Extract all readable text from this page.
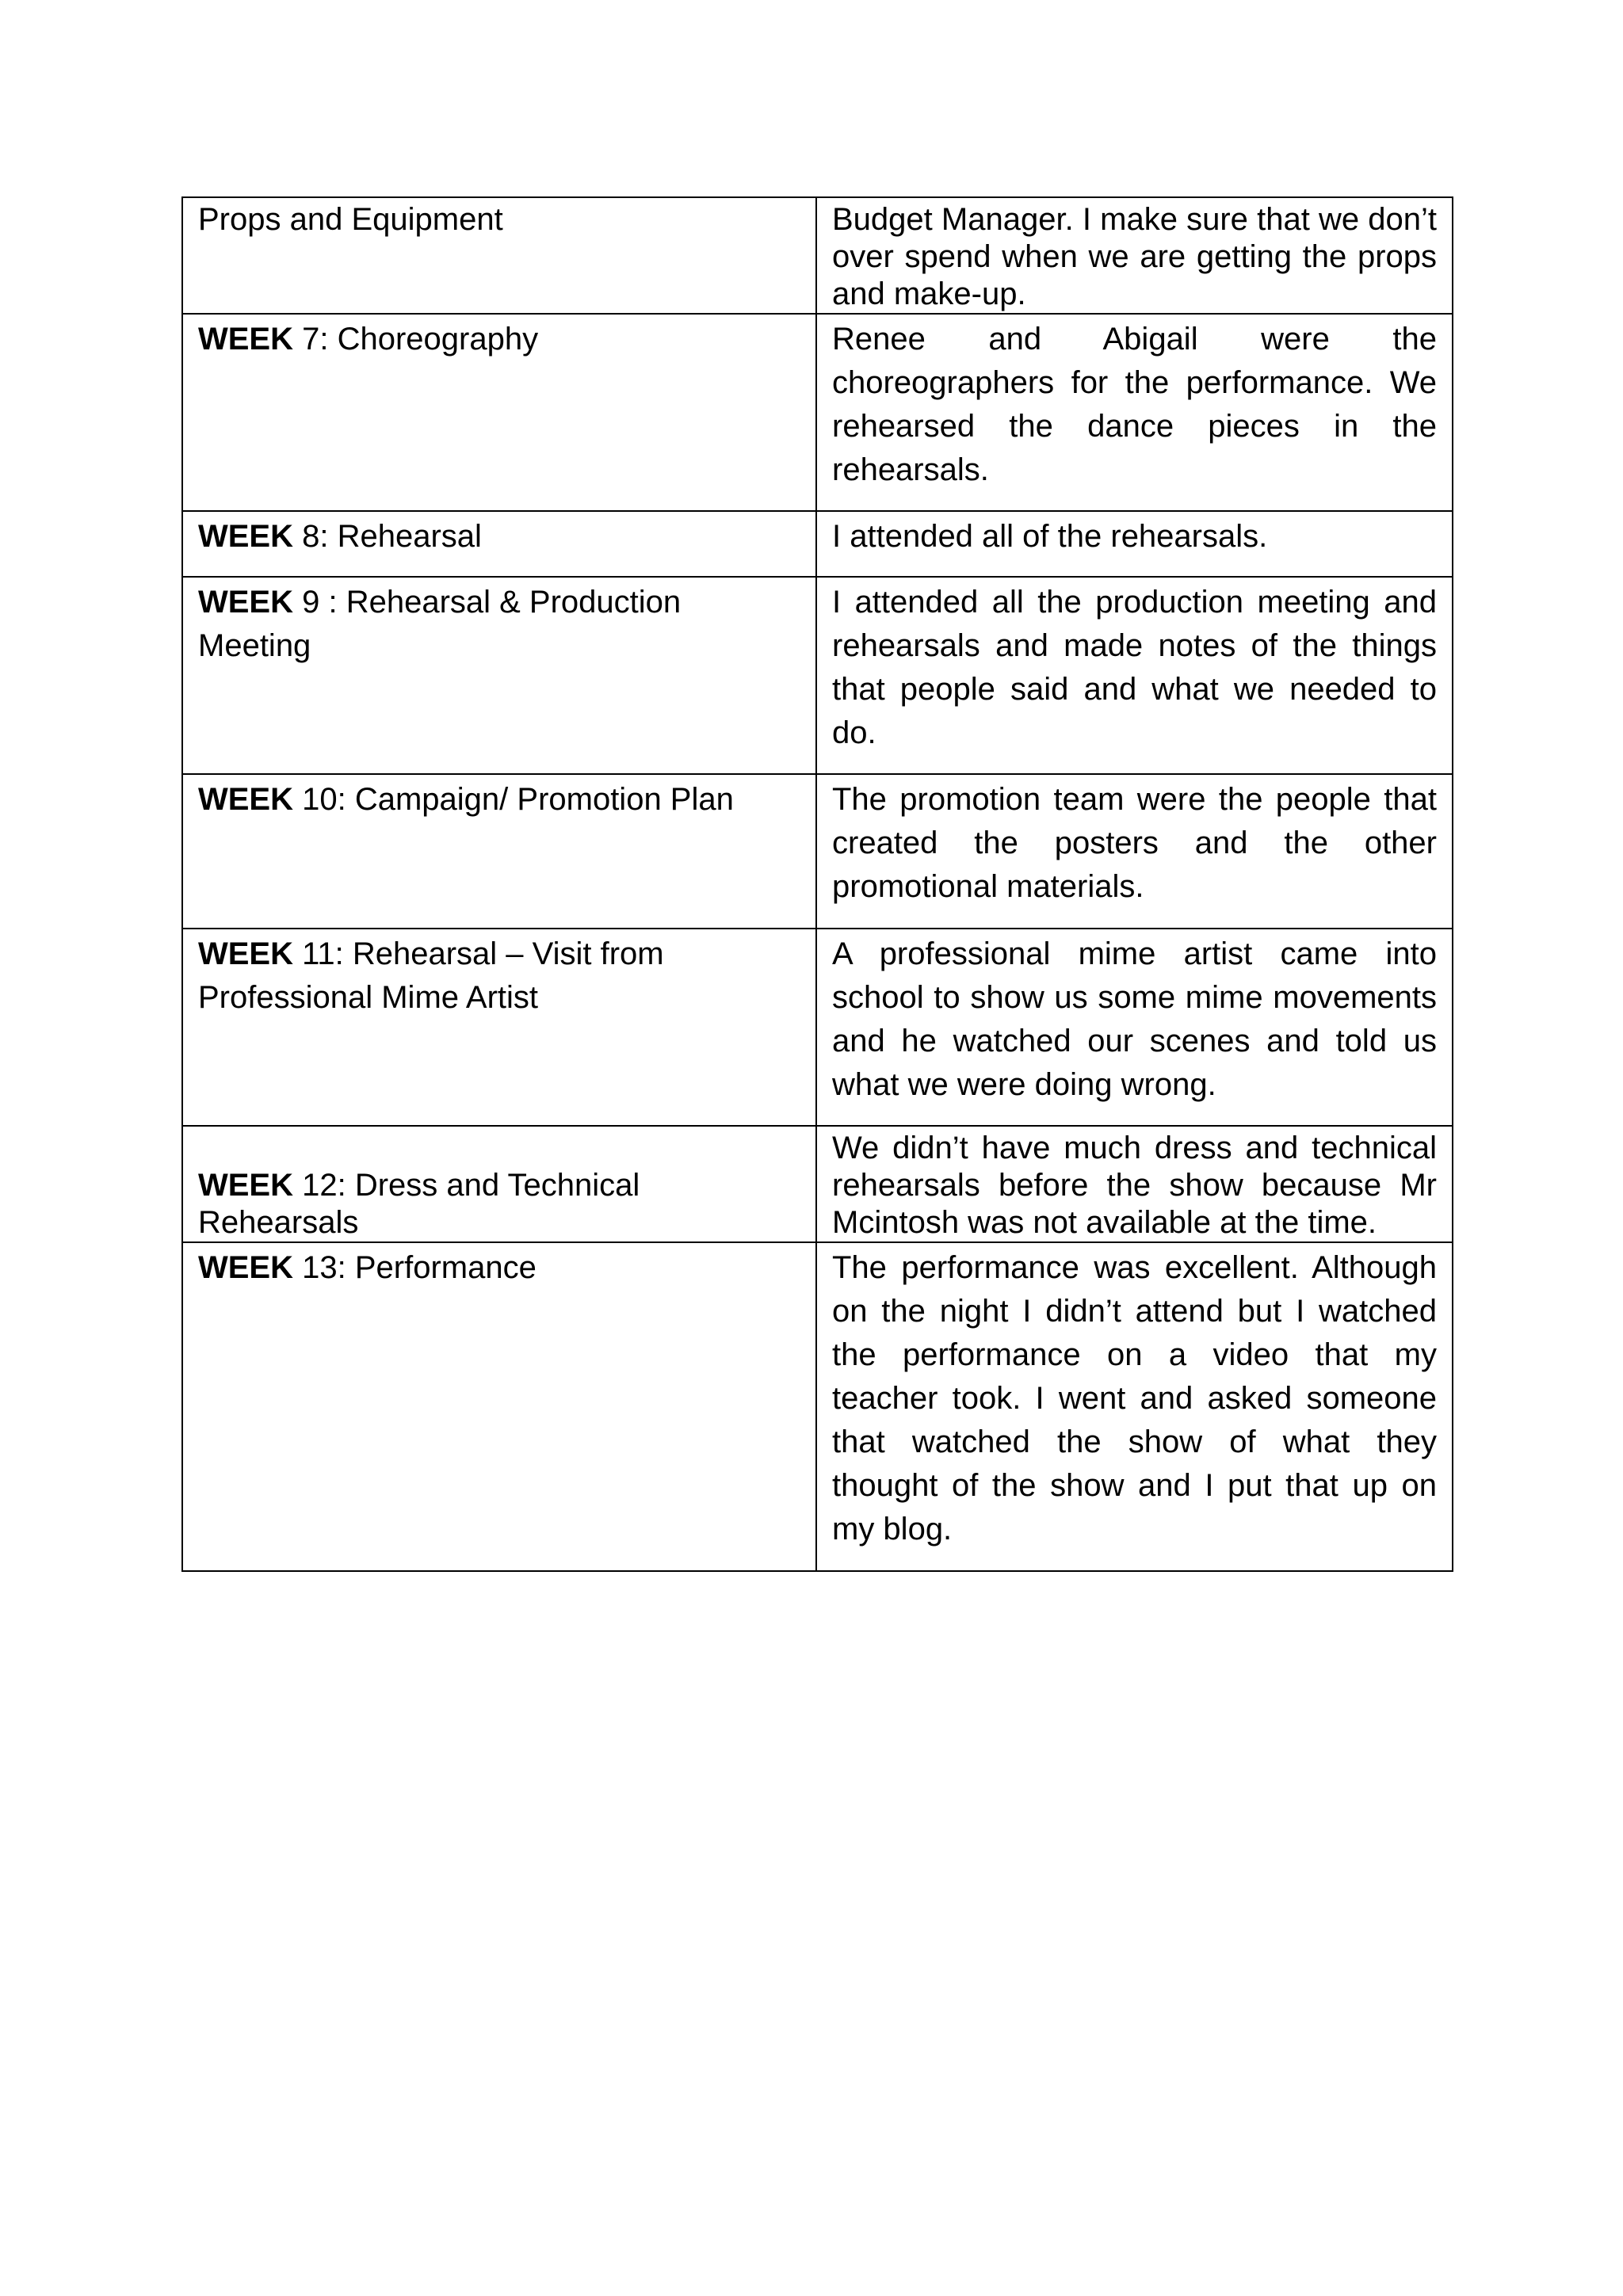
Props and Equipment	Budget Manager. I make sure that we don’t over spend when we are getting the props and make-up.
WEEK 7: Choreography	Renee and Abigail were the choreographers for the performance. We rehearsed the dance pieces in the rehearsals.
WEEK 8: Rehearsal	I attended all of the rehearsals.
WEEK 9 : Rehearsal & Production Meeting	I attended all the production meeting and rehearsals and made notes of the things that people said and what we needed to do.
WEEK 10: Campaign/ Promotion Plan	The promotion team were the people that created the posters and the other promotional materials.
WEEK 11: Rehearsal – Visit from Professional Mime Artist	A professional mime artist came into school to show us some mime movements and he watched our scenes and told us what we were doing wrong.
WEEK 12: Dress and Technical Rehearsals	We didn’t have much dress and technical rehearsals before the show because Mr Mcintosh was not available at the time.
WEEK 13: Performance	The performance was excellent. Although on the night I didn’t attend but I watched the performance on a video that my teacher took. I went and asked someone that watched the show of what they thought of the show and I put that up on my blog.
